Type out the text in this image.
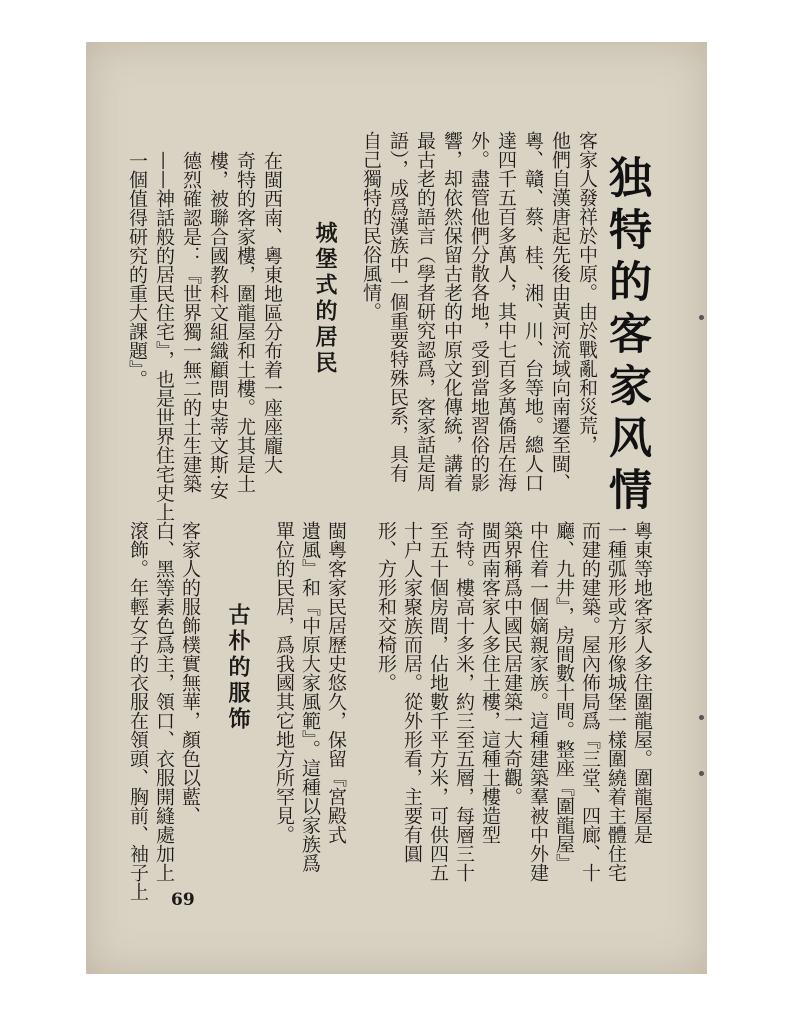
独特的客家风情

客家人發祥於中原。由於戰亂和災荒，

他們自漢唐起先後由黃河流域向南遷至閩、

粵、贛、蔡、桂、湘、川、台等地。總人口

達四千五百多萬人，其中七百多萬僑居在海

外。盡管他們分散各地，受到當地習俗的影

響，却依然保留古老的中原文化傳統，講着

最古老的語言（學者研究認爲，客家話是周

語），成爲漢族中一個重要特殊民系，具有

自己獨特的民俗風情。

城堡式的居民

在閩西南、粵東地區分布着一座座龐大

奇特的客家樓，圍龍屋和土樓。尤其是土

樓，被聯合國教科文組織顧問史蒂文斯·安

德烈確認是：『世界獨一無二的土生建築

——神話般的居民住宅』，也是世界住宅史上

一個值得研究的重大課題』。

粵東等地客家人多住圍龍屋。圍龍屋是

一種弧形或方形像城堡一樣圍繞着主體住宅

而建的建築。屋內佈局爲『三堂、四廊、十

廳、九井』，房間數十間。整座『圍龍屋』

中住着一個嫡親家族。這種建築羣被中外建

築界稱爲中國民居建築一大奇觀。

閩西南客家人多住土樓，這種土樓造型

奇特。樓高十多米，約三至五層，每層三十

至五十個房間，佔地數千平方米，可供四五

十户人家聚族而居。從外形看，主要有圓

形、方形和交椅形。

閩粵客家民居歷史悠久，保留『宮殿式

遺風』和『中原大家風範』。這種以家族爲

單位的民居，爲我國其它地方所罕見。

古朴的服饰

客家人的服飾樸實無華，顏色以藍、

白、黑等素色爲主，領口、衣服開縫處加上

滾飾。年輕女子的衣服在領頭、胸前、袖子上 69
